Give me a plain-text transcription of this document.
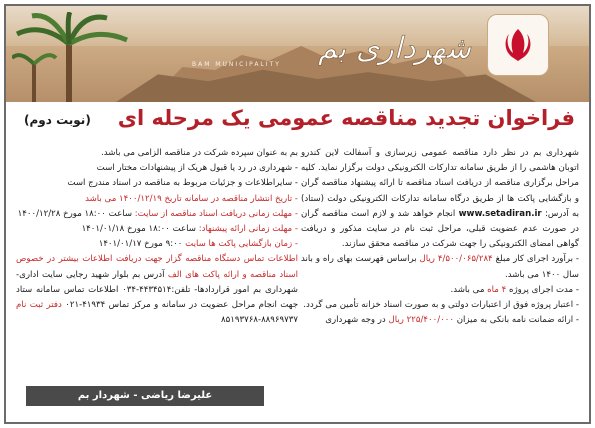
BAM MUNICIPALITY شهرداری بم
فراخوان تجدید مناقصه عمومی یک مرحله ای
(نوبت دوم)

شهرداری بم در نظر دارد مناقصه عمومی زیرسازی و آسفالت لاین کندرو اتوبان هاشمی را از طریق سامانه تدارکات الکترونیکی دولت برگزار نماید. کلیه مراحل برگزاری مناقصه از دریافت اسناد مناقصه تا ارائه پیشنهاد مناقصه گران و بازگشایی پاکت ها از طریق درگاه سامانه تدارکات الکترونیکی دولت (ستاد) به آدرس: www.setadiran.ir انجام خواهد شد و لازم است مناقصه گران در صورت عدم عضویت قبلی، مراحل ثبت نام در سایت مذکور و دریافت گواهی امضای الکترونیکی را جهت شرکت در مناقصه محقق سازند.

- برآورد اجرای کار مبلغ ۴/۵۰۰/۰۶۵/۲۸۴ ریال براساس فهرست بهای راه و باند سال ۱۴۰۰ می باشد.

- مدت اجرای پروژه ۴ ماه می باشد.

- اعتبار پروژه فوق از اعتبارات دولتی و به صورت اسناد خزانه تأمین می گردد.

- ارائه ضمانت نامه بانکی به میزان ۲۲۵/۴۰۰/۰۰۰ ریال در وجه شهرداری

بم به عنوان سپرده شرکت در مناقصه الزامی می باشد.

- شهرداری در رد یا قبول هریک از پیشنهادات مختار است

- سایراطلاعات و جزئیات مربوط به مناقصه در اسناد مندرج است

- تاریخ انتشار مناقصه در سامانه تاریخ ۱۴۰۰/۱۲/۱۹ می باشد

- مهلت زمانی دریافت اسناد مناقصه از سایت: ساعت ۱۸:۰۰ مورخ ۱۴۰۰/۱۲/۲۸

- مهلت زمانی ارائه پیشنهاد: ساعت ۱۸:۰۰ مورخ ۱۴۰۱/۰۱/۱۸

- زمان بازگشایی پاکت ها سایت ۹:۰۰ مورخ ۱۴۰۱/۰۱/۱۷

اطلاعات تماس دستگاه مناقصه گزار جهت دریافت اطلاعات بیشتر در خصوص اسناد مناقصه و ارائه پاکت های الف آدرس بم بلوار شهید رجایی سایت اداری-شهرداری بم امور قراردادها- تلفن:۴۴۳۴۵۱۴-۰۳۴ اطلاعات تماس سامانه ستاد جهت انجام مراحل عضویت در سامانه و مرکز تماس ۴۱۹۳۴-۰۲۱ دفتر ثبت نام ۸۸۹۶۹۷۳۷-۸۵۱۹۳۷۶۸

علیرضا ریاضی - شهردار بم
